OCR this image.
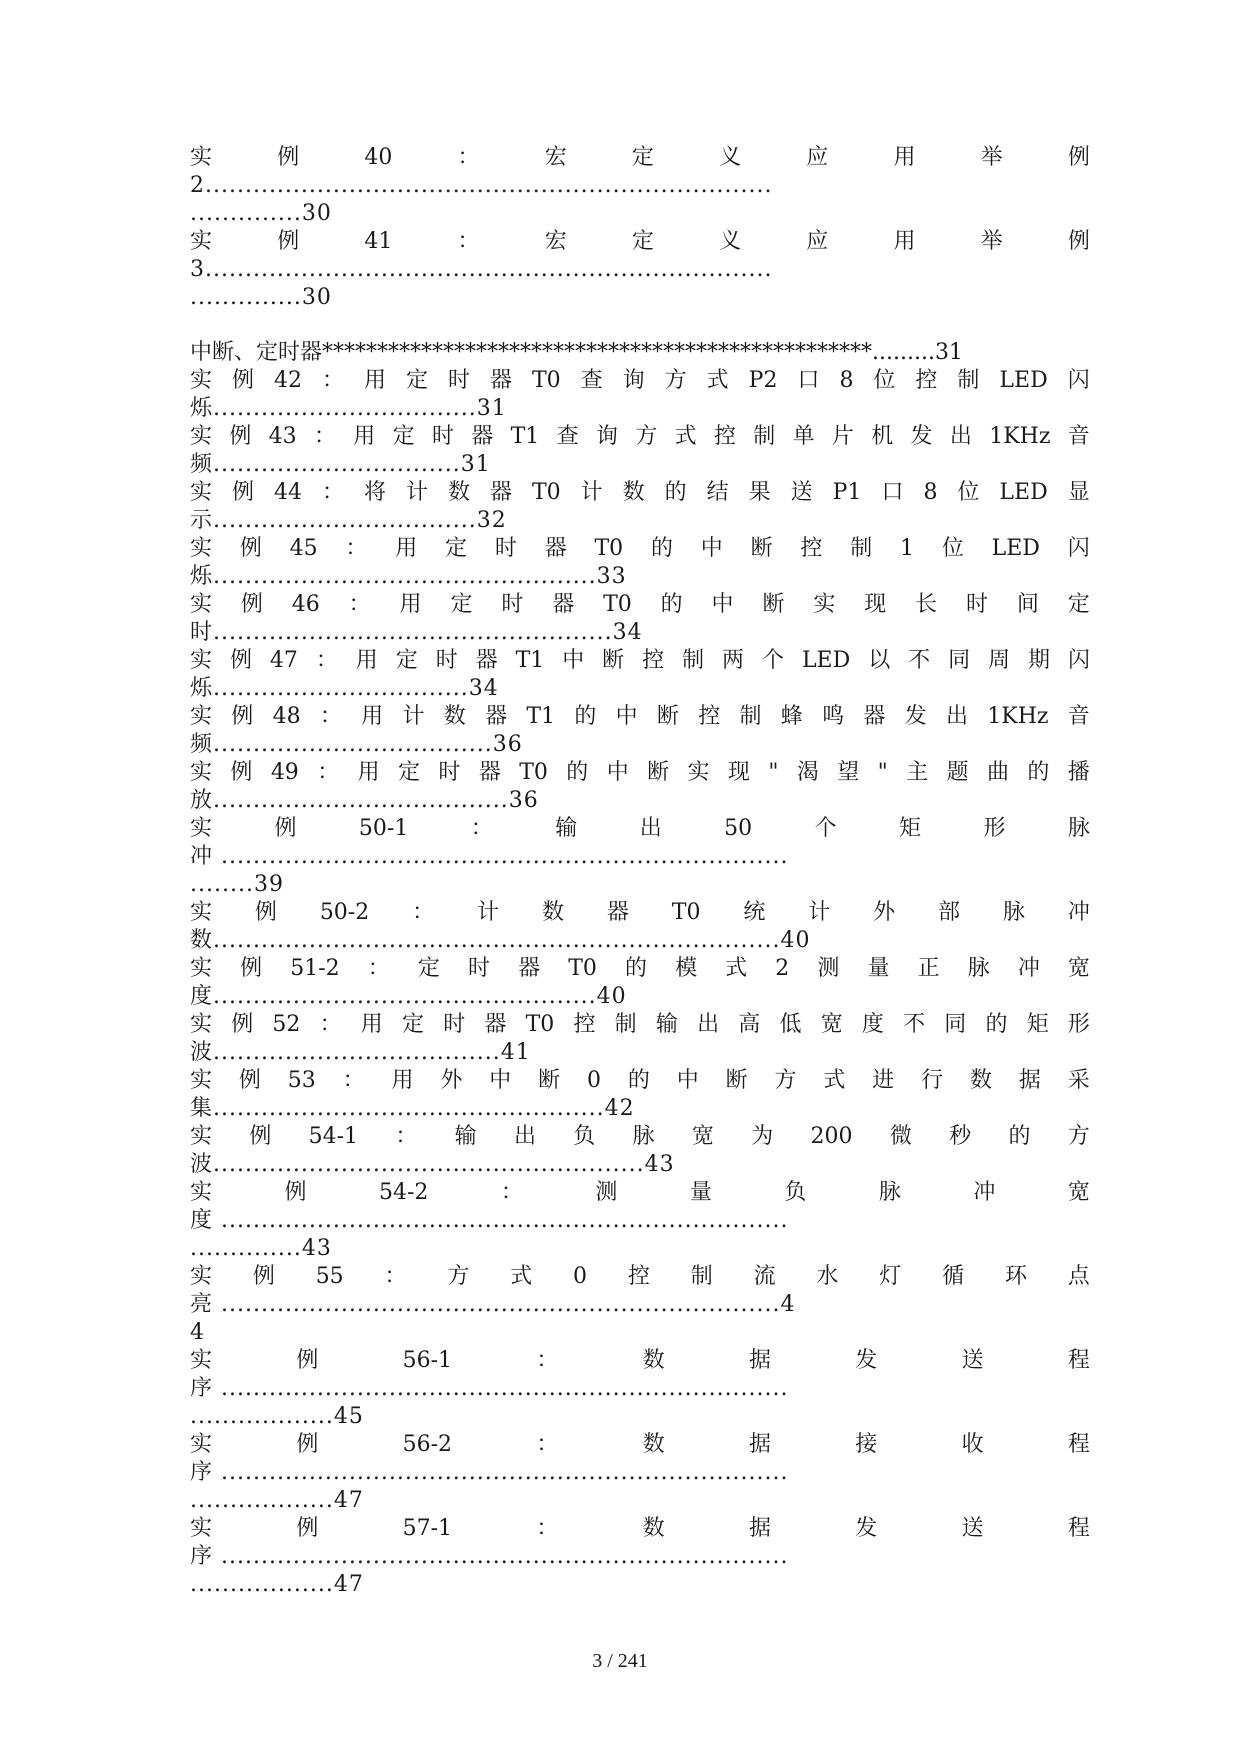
实	例	40	：	宏	定	义	应	用	举	例
2.......................................................................
..............30
实	例	41	：	宏	定	义	应	用	举	例
3.......................................................................
..............30
中断、定时器**************************************************.........31
实 例 42 ： 用 定 时 器 T0 查 询 方 式 P2 口 8 位 控 制 LED 闪
烁.................................31
实 例 43 ： 用 定 时 器 T1 查 询 方 式 控 制 单 片 机 发 出 1KHz 音
频...............................31
实 例 44 ： 将 计 数 器 T0 计 数 的 结 果 送 P1 口 8 位 LED 显
示.................................32
实 例 45 ： 用 定 时 器 T0 的 中 断 控 制 1 位 LED 闪
烁................................................33
实 例 46 ： 用 定 时 器 T0 的 中 断 实 现 长 时 间 定
时..................................................34
实 例 47 ： 用 定 时 器 T1 中 断 控 制 两 个 LED 以 不 同 周 期 闪
烁................................34
实 例 48 ： 用 计 数 器 T1 的 中 断 控 制 蜂 鸣 器 发 出 1KHz 音
频...................................36
实 例 49 ： 用 定 时 器 T0 的 中 断 实 现 " 渴 望 " 主 题 曲 的 播
放.....................................36
实	例	50-1	：	输	出	50	个	矩	形	脉
冲 .......................................................................
........39
实 例 50-2 ： 计 数 器 T0 统 计 外 部 脉 冲
数.......................................................................40
实 例 51-2 ： 定 时 器 T0 的 模 式 2 测 量 正 脉 冲 宽
度................................................40
实 例 52 ： 用 定 时 器 T0 控 制 输 出 高 低 宽 度 不 同 的 矩 形
波....................................41
实 例 53 ： 用 外 中 断 0 的 中 断 方 式 进 行 数 据 采
集.................................................42
实 例 54-1 ： 输 出 负 脉 宽 为 200 微 秒 的 方
波......................................................43
实	例	54-2	：	测	量	负	脉	冲	宽
度 .......................................................................
..............43
实 例 55 ： 方 式 0 控 制 流 水 灯 循 环 点
亮 ......................................................................4
4
实	例	56-1	：	数	据	发	送	程
序 .......................................................................
..................45
实	例	56-2	：	数	据	接	收	程
序 .......................................................................
..................47
实	例	57-1	：	数	据	发	送	程
序 .......................................................................
..................47
3 / 241
